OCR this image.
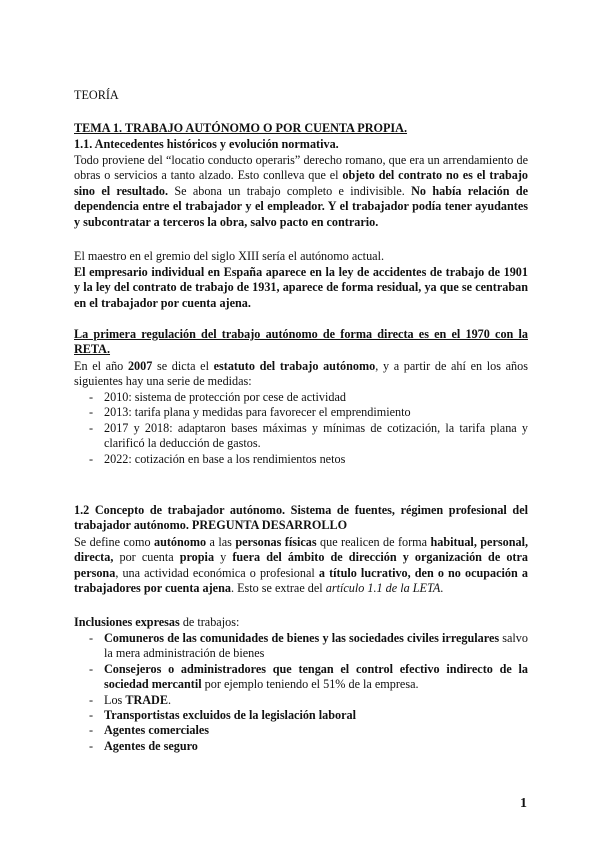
TEORÍA
TEMA 1. TRABAJO AUTÓNOMO O POR CUENTA PROPIA.
1.1. Antecedentes históricos y evolución normativa.
Todo proviene del “locatio conducto operaris” derecho romano, que era un arrendamiento de obras o servicios a tanto alzado. Esto conlleva que el objeto del contrato no es el trabajo sino el resultado. Se abona un trabajo completo e indivisible. No había relación de dependencia entre el trabajador y el empleador. Y el trabajador podía tener ayudantes y subcontratar a terceros la obra, salvo pacto en contrario.
El maestro en el gremio del siglo XIII sería el autónomo actual.
El empresario individual en España aparece en la ley de accidentes de trabajo de 1901 y la ley del contrato de trabajo de 1931, aparece de forma residual, ya que se centraban en el trabajador por cuenta ajena.
La primera regulación del trabajo autónomo de forma directa es en el 1970 con la RETA.
En el año 2007 se dicta el estatuto del trabajo autónomo, y a partir de ahí en los años siguientes hay una serie de medidas:
- 2010: sistema de protección por cese de actividad
- 2013: tarifa plana y medidas para favorecer el emprendimiento
- 2017 y 2018: adaptaron bases máximas y mínimas de cotización, la tarifa plana y clarificó la deducción de gastos.
- 2022: cotización en base a los rendimientos netos
1.2 Concepto de trabajador autónomo. Sistema de fuentes, régimen profesional del trabajador autónomo. PREGUNTA DESARROLLO
Se define como autónomo a las personas físicas que realicen de forma habitual, personal, directa, por cuenta propia y fuera del ámbito de dirección y organización de otra persona, una actividad económica o profesional a título lucrativo, den o no ocupación a trabajadores por cuenta ajena. Esto se extrae del artículo 1.1 de la LETA.
Inclusiones expresas de trabajos:
- Comuneros de las comunidades de bienes y las sociedades civiles irregulares salvo la mera administración de bienes
- Consejeros o administradores que tengan el control efectivo indirecto de la sociedad mercantil por ejemplo teniendo el 51% de la empresa.
- Los TRADE.
- Transportistas excluidos de la legislación laboral
- Agentes comerciales
- Agentes de seguro
1
